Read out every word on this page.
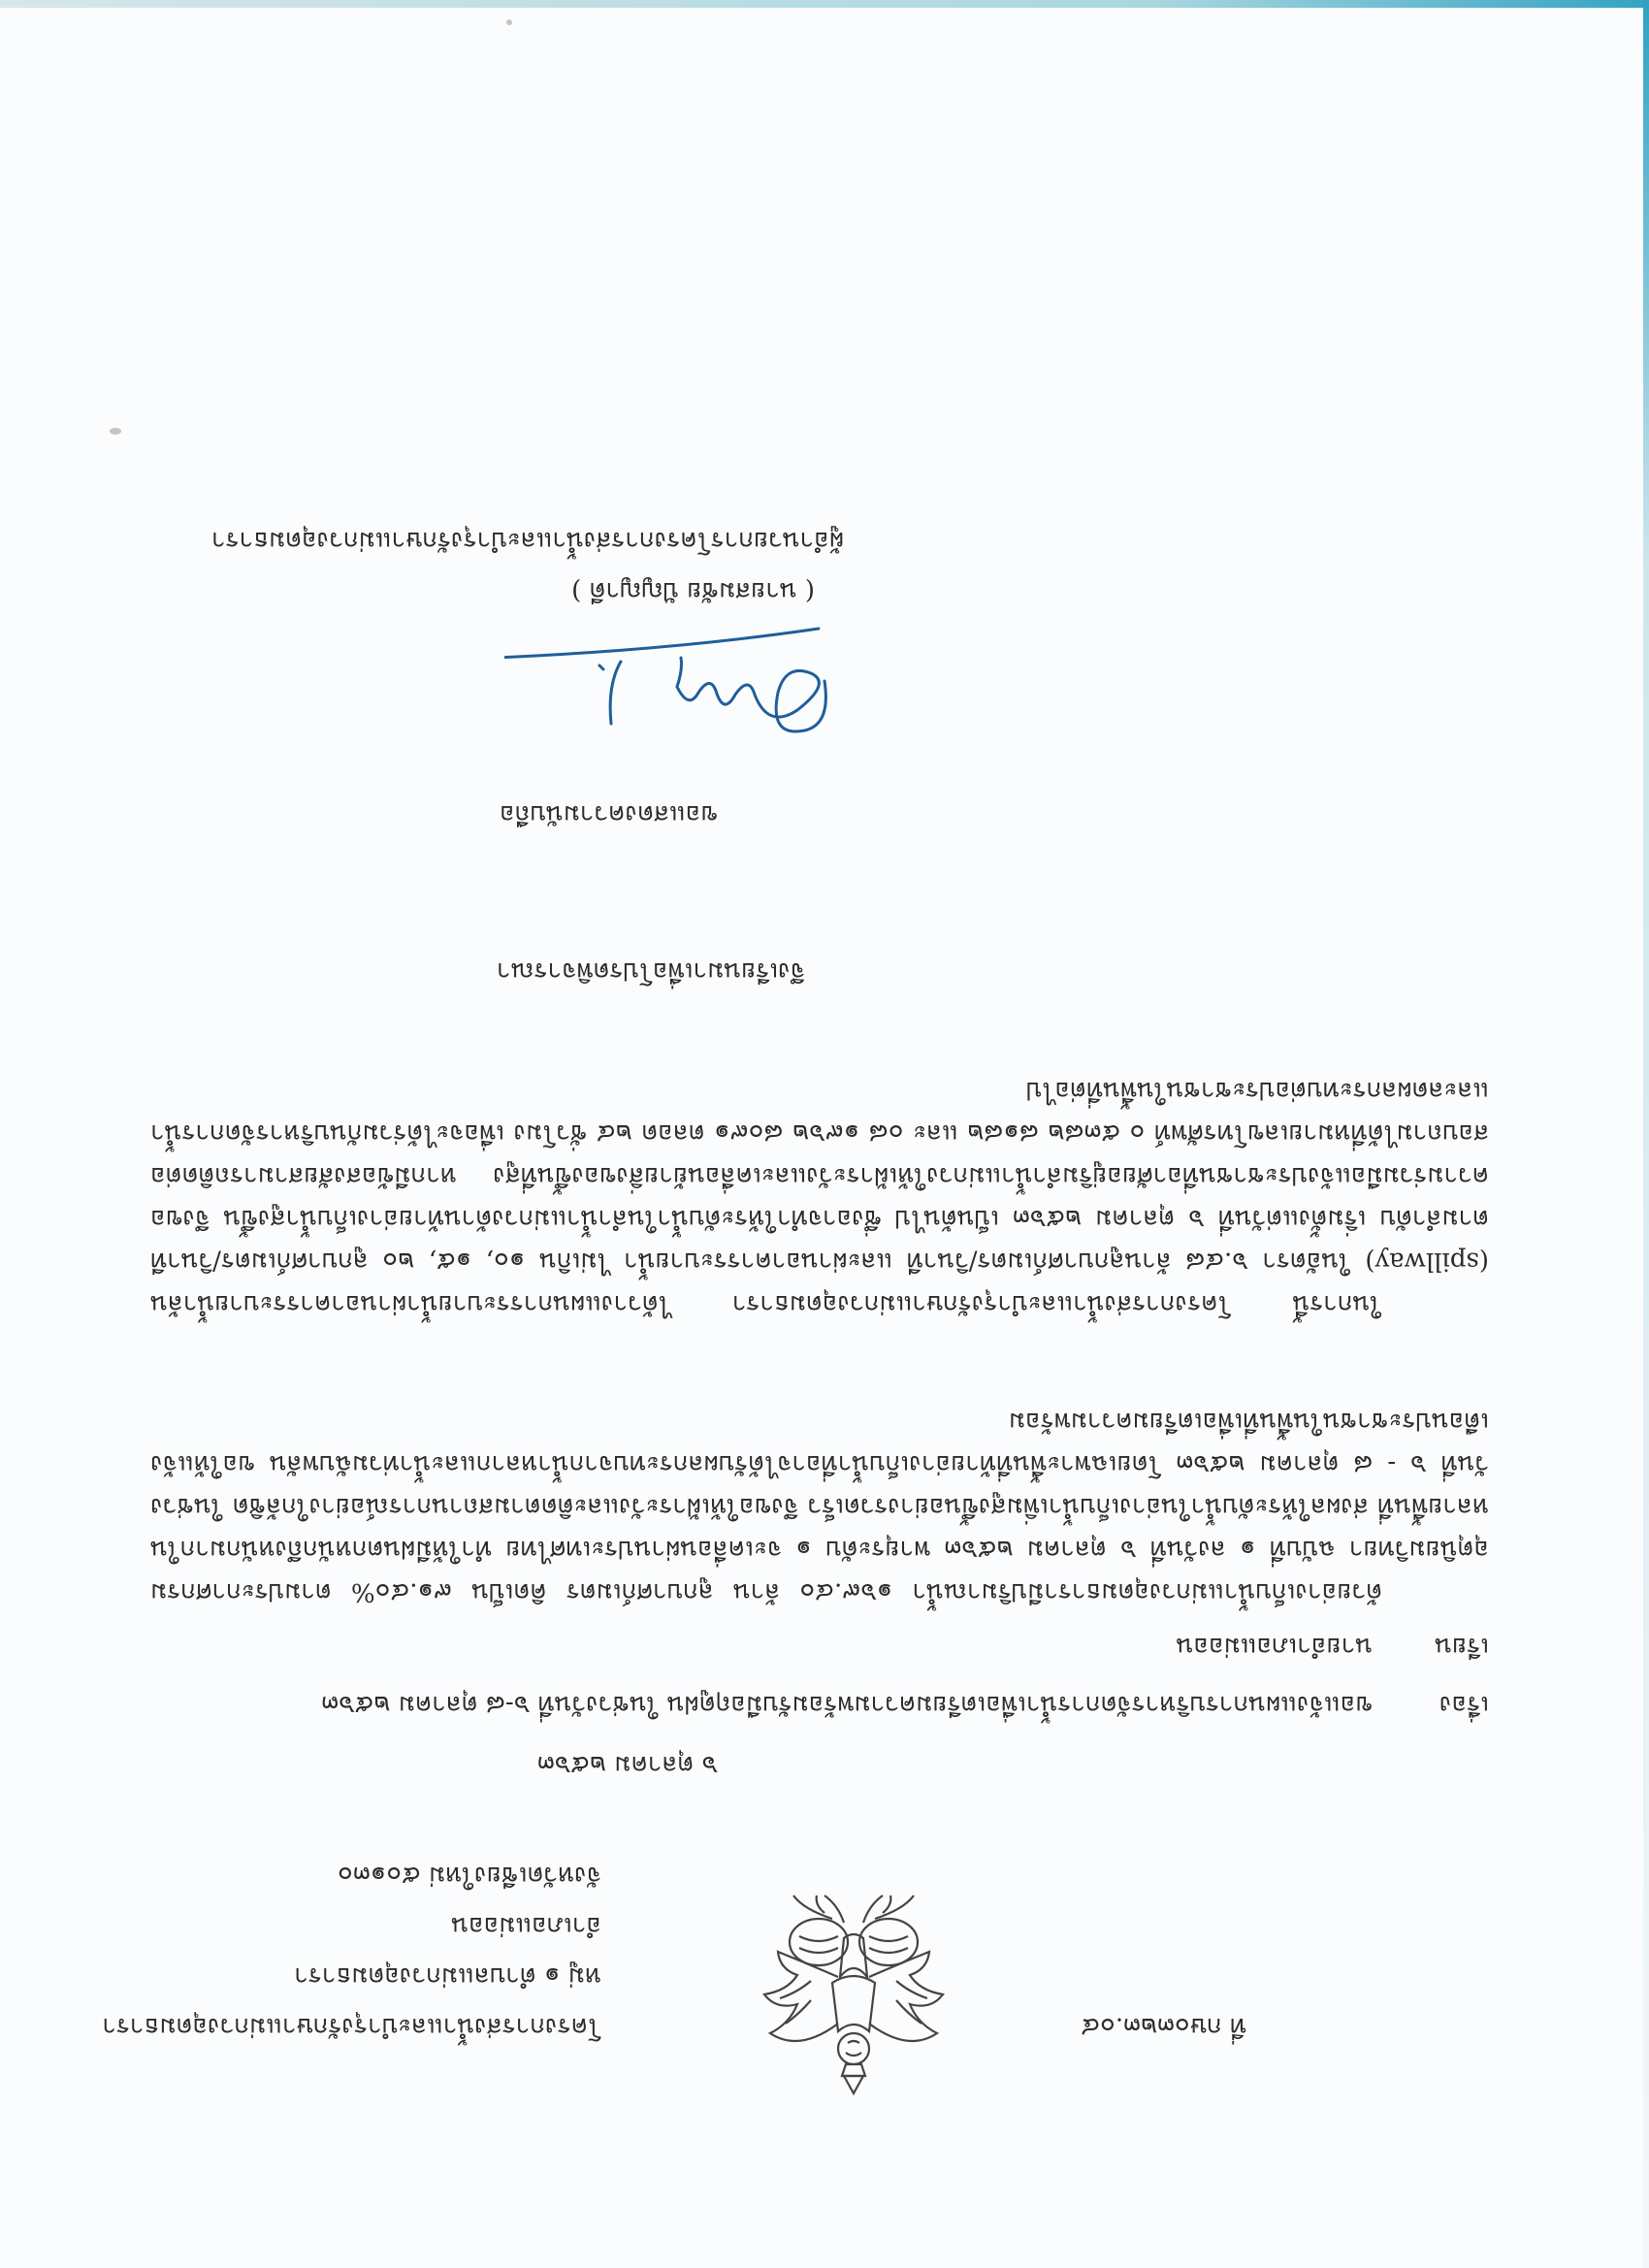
ที่ กษ๐๓๒๓.๐๔
โครงการส่งน้ำและบำรุงรักษาแม่กวงอุดมธารา
หมู่ ๑ ตำบลแม่กวงอุดมธารา
อำเภอแม่ออน
จังหวัดเชียงใหม่ ๕๐๑๓๐
๖ ตุลาคม ๒๕๖๓
เรื่อง
ขอแจ้งแผนการบริหารจัดการน้ำเพื่อเตรียมความพร้อมรับมือฤดูฝน ในช่วงวันที่ ๖-๘ ตุลาคม ๒๕๖๓
เรียน
นายอำเภอแม่ออน

ด้วยอ่างเก็บน้ำแม่กวงอุดมธารามีปริมาณน้ำ ๑๖๙.๔๐ ล้าน ลูกบาศก์เมตร คิดเป็น ๙๑.๔๐% ตามประกาศกรมอุตุนิยมวิทยา ฉบับที่ ๑ ลงวันที่ ๖ ตุลาคม ๒๕๖๓ พายุระดับ ๑ จะเคลื่อนผ่านประเทศไทย ทำให้มีฝนตกหนักถึงหนักมากในหลายพื้นที่ ส่งผลให้ระดับน้ำในอ่างเก็บน้ำเพิ่มสูงขึ้นอย่างรวดเร็ว จึงขอให้เฝ้าระวังและติดตามสถานการณ์อย่างใกล้ชิด ในช่วงวันที่ ๖ - ๘ ตุลาคม ๒๕๖๓ โดยเฉพาะพื้นที่ท้ายอ่างเก็บน้ำที่อาจได้รับผลกระทบจากน้ำหลากและน้ำท่วมฉับพลัน ขอให้แจ้งเตือนประชาชนในพื้นที่เพื่อเตรียมความพร้อม

ในการนี้ โครงการส่งน้ำและบำรุงรักษาแม่กวงอุดมธารา ได้วางแผนการระบายน้ำผ่านอาคารระบายน้ำล้น (spillway) ในอัตรา ๖.๔๘ ล้านลูกบาศก์เมตร/วินาที และผ่านอาคารระบายน้ำ ไม่เกิน ๑๐, ๑๕, ๒๐ ลูกบาศก์เมตร/วินาที ตามลำดับ เริ่มตั้งแต่วันที่ ๖ ตุลาคม ๒๕๖๓ เป็นต้นไป ซึ่งอาจทำให้ระดับน้ำในลำน้ำแม่กวงด้านท้ายอ่างเก็บน้ำสูงขึ้น จึงขอความร่วมมือแจ้งประชาชนที่อาศัยอยู่ริมลำน้ำแม่กวงให้เฝ้าระวังและเคลื่อนย้ายสิ่งของขึ้นที่สูง หากมีข้อสงสัยสามารถติดต่อสอบถามได้ที่หมายเลขโทรศัพท์ ๐ ๕๓๘๒ ๘๑๘๒ และ ๐๘ ๑๙๖๒ ๘๐๙๑ ตลอด ๒๔ ชั่วโมง เพื่อจะได้ร่วมกันบริหารจัดการน้ำและลดผลกระทบต่อประชาชนในพื้นที่ต่อไป

จึงเรียนมาเพื่อโปรดพิจารณา
ขอแสดงความนับถือ
( นายสมชัย ปัญญาดี )
ผู้อำนวยการโครงการส่งน้ำและบำรุงรักษาแม่กวงอุดมธารา
